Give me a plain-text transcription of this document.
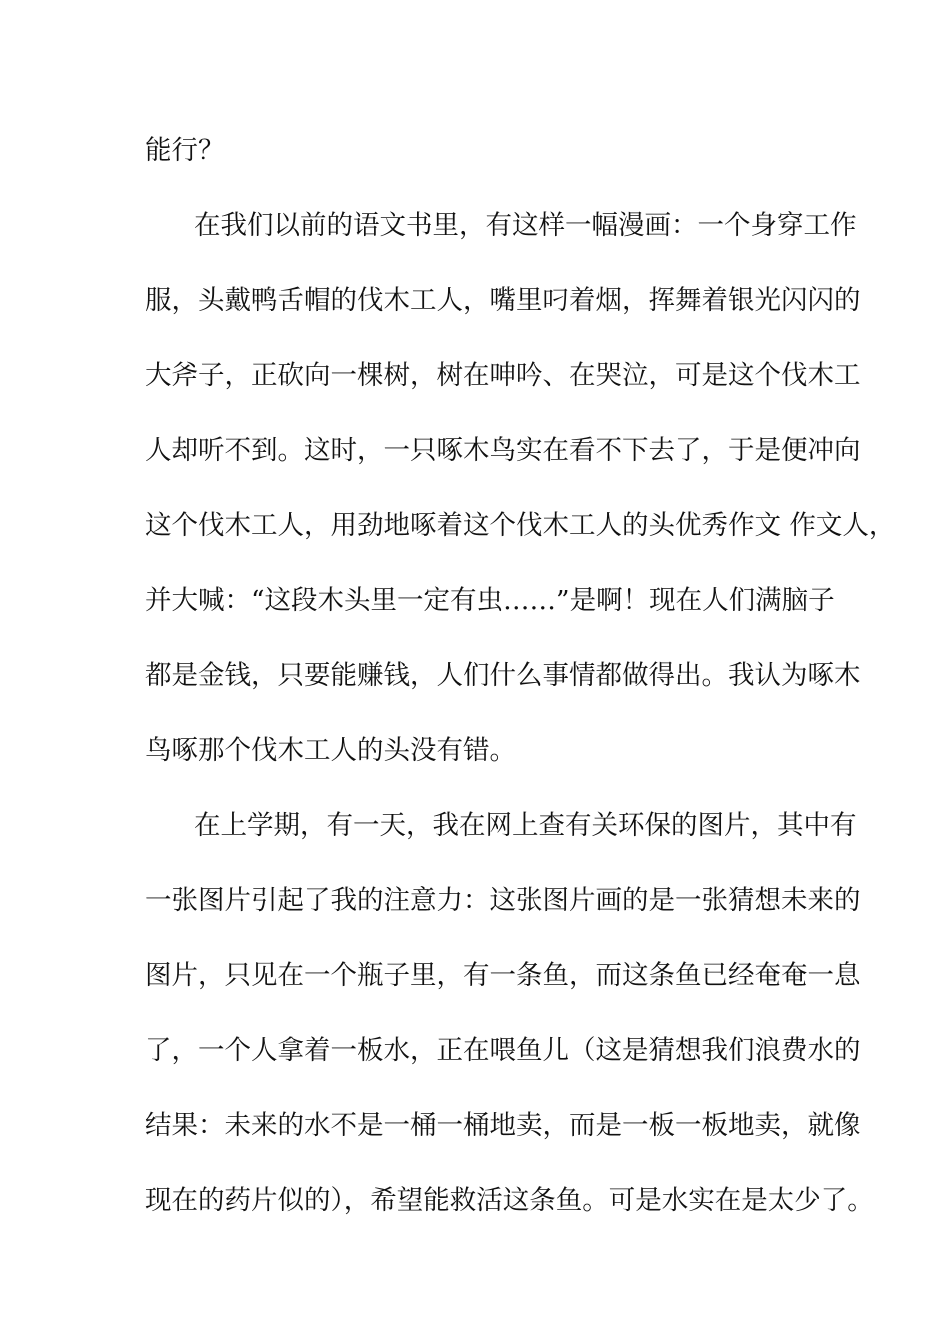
能行？
在我们以前的语文书里，有这样一幅漫画：一个身穿工作
服，头戴鸭舌帽的伐木工人，嘴里叼着烟，挥舞着银光闪闪的
大斧子，正砍向一棵树，树在呻吟、在哭泣，可是这个伐木工
人却听不到。这时，一只啄木鸟实在看不下去了，于是便冲向
这个伐木工人，用劲地啄着这个伐木工人的头优秀作文 作文人，
并大喊：“这段木头里一定有虫……”是啊！现在人们满脑子
都是金钱，只要能赚钱，人们什么事情都做得出。我认为啄木
鸟啄那个伐木工人的头没有错。
在上学期，有一天，我在网上查有关环保的图片，其中有
一张图片引起了我的注意力：这张图片画的是一张猜想未来的
图片，只见在一个瓶子里，有一条鱼，而这条鱼已经奄奄一息
了，一个人拿着一板水，正在喂鱼儿（这是猜想我们浪费水的
结果：未来的水不是一桶一桶地卖，而是一板一板地卖，就像
现在的药片似的），希望能救活这条鱼。可是水实在是太少了。
